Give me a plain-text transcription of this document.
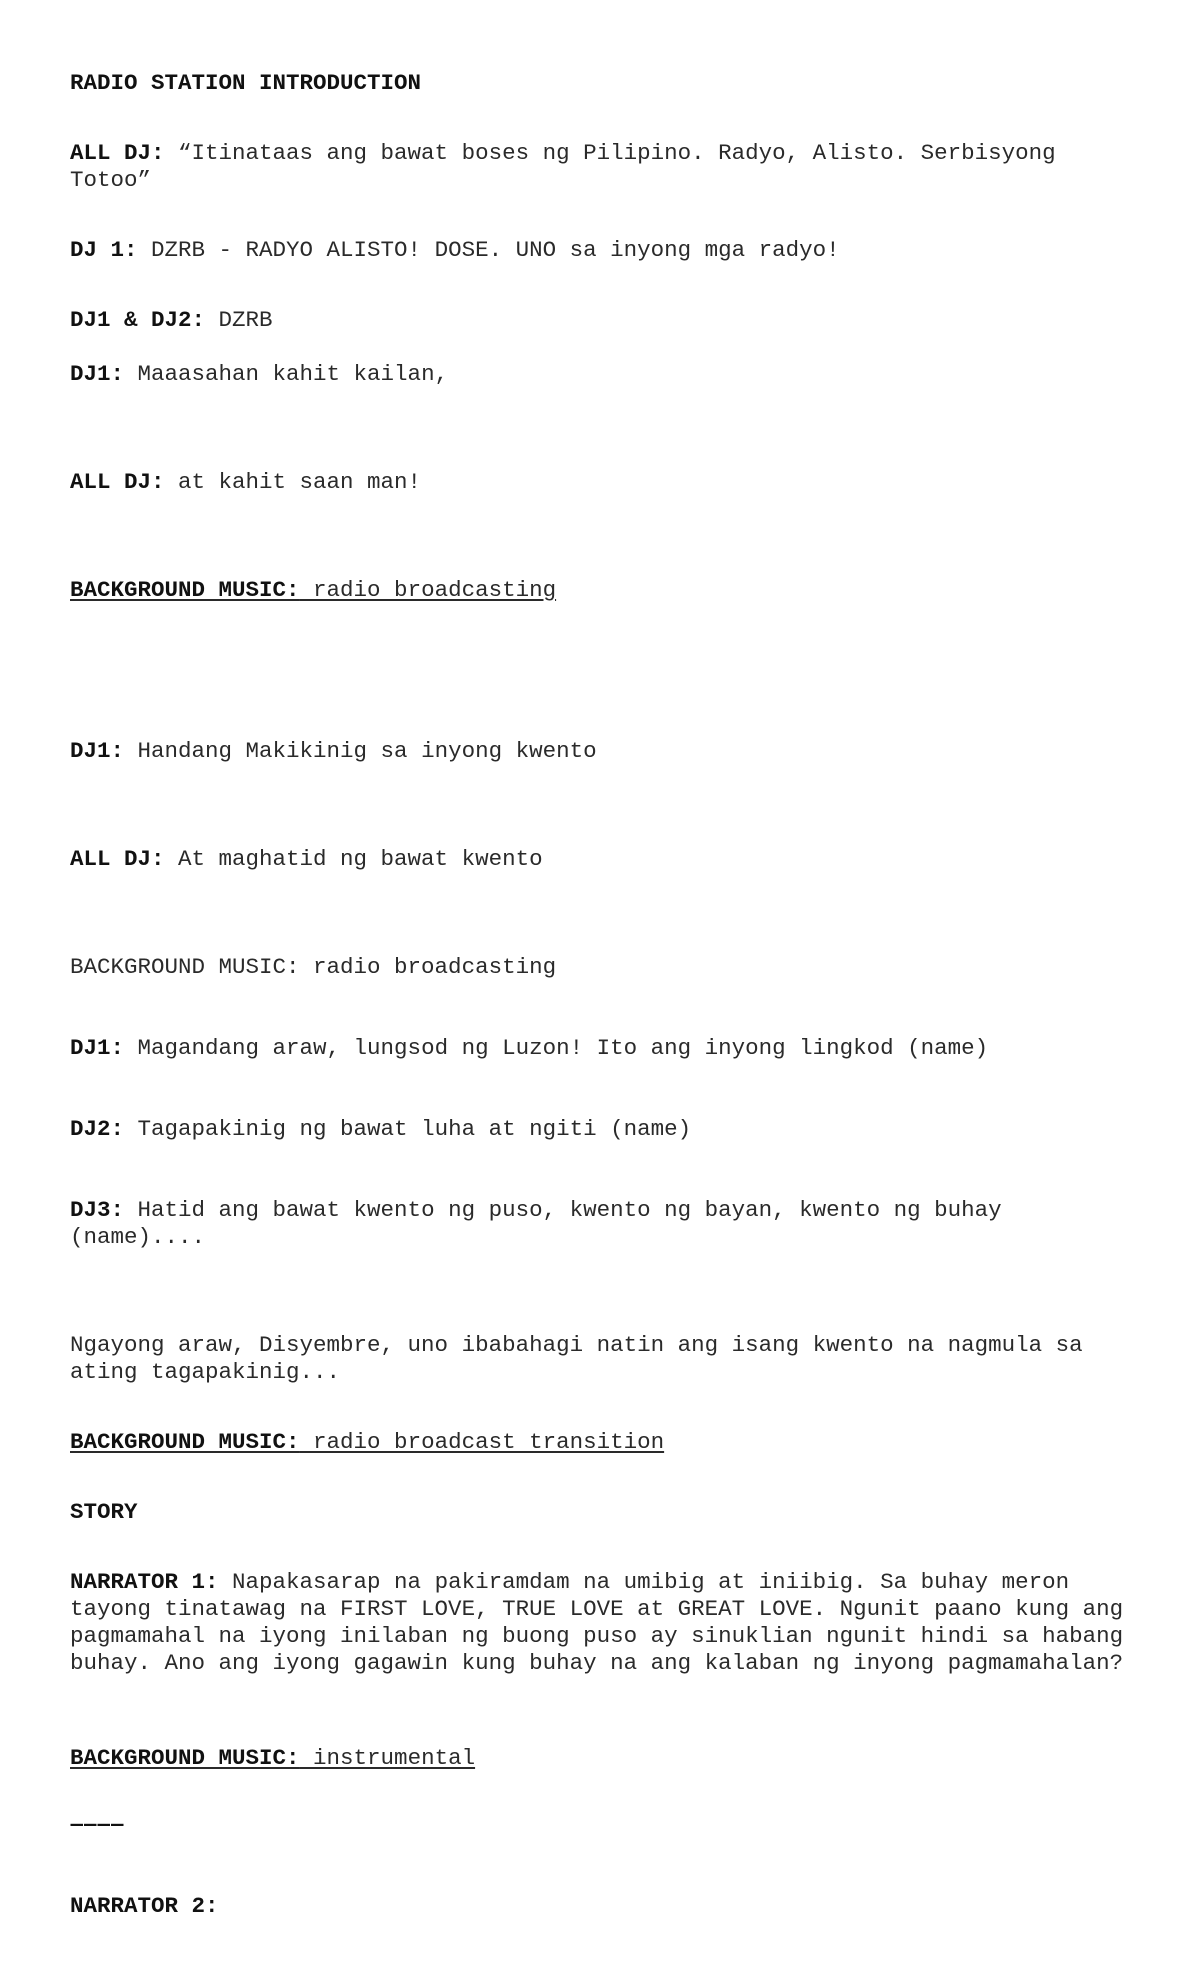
RADIO STATION INTRODUCTION

ALL DJ: “Itinataas ang bawat boses ng Pilipino. Radyo, Alisto. Serbisyong Totoo”

DJ 1: DZRB - RADYO ALISTO! DOSE. UNO sa inyong mga radyo!

DJ1 & DJ2: DZRB

DJ1: Maaasahan kahit kailan,

ALL DJ: at kahit saan man!

BACKGROUND MUSIC: radio broadcasting

DJ1: Handang Makikinig sa inyong kwento

ALL DJ: At maghatid ng bawat kwento

BACKGROUND MUSIC: radio broadcasting

DJ1: Magandang araw, lungsod ng Luzon! Ito ang inyong lingkod (name)

DJ2: Tagapakinig ng bawat luha at ngiti (name)

DJ3: Hatid ang bawat kwento ng puso, kwento ng bayan, kwento ng buhay (name)....

Ngayong araw, Disyembre, uno ibabahagi natin ang isang kwento na nagmula sa ating tagapakinig...

BACKGROUND MUSIC: radio broadcast transition

STORY

NARRATOR 1: Napakasarap na pakiramdam na umibig at iniibig. Sa buhay meron tayong tinatawag na FIRST LOVE, TRUE LOVE at GREAT LOVE. Ngunit paano kung ang pagmamahal na iyong inilaban ng buong puso ay sinuklian ngunit hindi sa habang buhay. Ano ang iyong gagawin kung buhay na ang kalaban ng inyong pagmamahalan?

BACKGROUND MUSIC: instrumental

‒‒‒‒

NARRATOR 2:
